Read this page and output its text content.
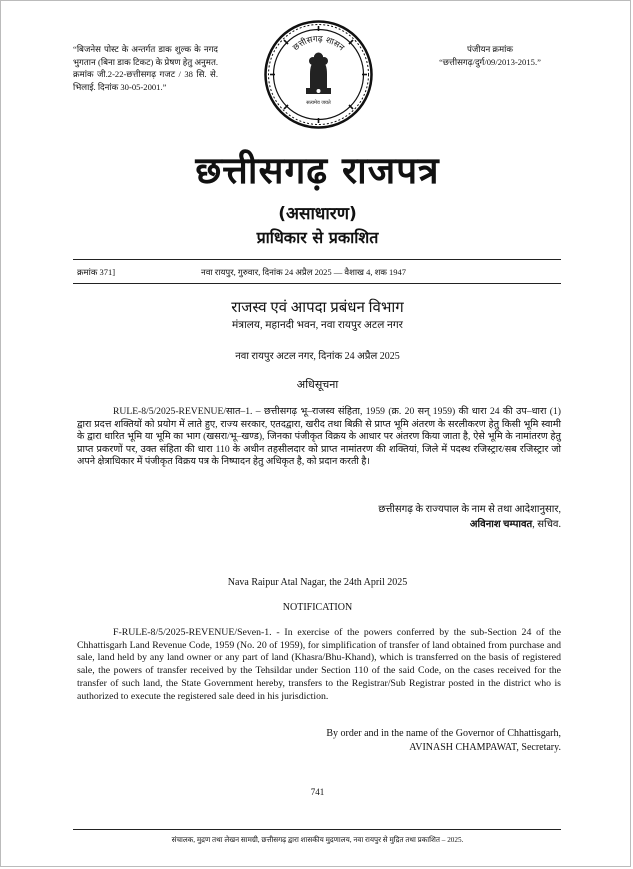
“बिजनेस पोस्ट के अन्तर्गत डाक शुल्क के नगद भुगतान (बिना डाक टिकट) के प्रेषण हेतु अनुमत. क्रमांक जी.2-22-छत्तीसगढ़ गजट / 38 सि. से. भिलाई. दिनांक 30-05-2001.”
पंजीयन क्रमांक
“छत्तीसगढ़/दुर्ग/09/2013-2015.”
छत्तीसगढ़ शासन
सत्यमेव जयते
छत्तीसगढ़ राजपत्र
(असाधारण)
प्राधिकार से प्रकाशित
क्रमांक 371]	नवा रायपुर, गुरुवार, दिनांक 24 अप्रैल 2025 — वैशाख 4, शक 1947
राजस्व एवं आपदा प्रबंधन विभाग
मंत्रालय, महानदी भवन, नवा रायपुर अटल नगर
नवा रायपुर अटल नगर, दिनांक 24 अप्रैल 2025
अधिसूचना
RULE-8/5/2025-REVENUE/सात–1. – छत्तीसगढ़ भू–राजस्व संहिता, 1959 (क्र. 20 सन् 1959) की धारा 24 की उप–धारा (1) द्वारा प्रदत्त शक्तियों को प्रयोग में लाते हुए, राज्य सरकार, एतदद्वारा, खरीद तथा बिक्री से प्राप्त भूमि अंतरण के सरलीकरण हेतु किसी भूमि स्वामी के द्वारा धारित भूमि या भूमि का भाग (खसरा/भू–खण्ड), जिनका पंजीकृत विक्रय के आधार पर अंतरण किया जाता है, ऐसे भूमि के नामांतरण हेतु प्राप्त प्रकरणों पर, उक्त संहिता की धारा 110 के अधीन तहसीलदार को प्राप्त नामांतरण की शक्तियां, जिले में पदस्थ रजिस्ट्रार/सब रजिस्ट्रार जो अपने क्षेत्राधिकार में पंजीकृत विक्रय पत्र के निष्पादन हेतु अधिकृत है, को प्रदान करती है।
छत्तीसगढ़ के राज्यपाल के नाम से तथा आदेशानुसार,
अविनाश चम्पावत, सचिव.
Nava Raipur Atal Nagar, the 24th April 2025
NOTIFICATION
F-RULE-8/5/2025-REVENUE/Seven-1. - In exercise of the powers conferred by the sub-Section 24 of the Chhattisgarh Land Revenue Code, 1959 (No. 20 of 1959), for simplification of transfer of land obtained from purchase and sale, land held by any land owner or any part of land (Khasra/Bhu-Khand), which is transferred on the basis of registered sale, the powers of transfer received by the Tehsildar under Section 110 of the said Code, on the cases received for the transfer of such land, the State Government hereby, transfers to the Registrar/Sub Registrar posted in the district who is authorized to execute the registered sale deed in his jurisdiction.
By order and in the name of the Governor of Chhattisgarh,
AVINASH CHAMPAWAT, Secretary.
741
संचालक, मुद्रण तथा लेखन सामग्री, छत्तीसगढ़ द्वारा शासकीय मुद्रणालय, नवा रायपुर से मुद्रित तथा प्रकाशित – 2025.
